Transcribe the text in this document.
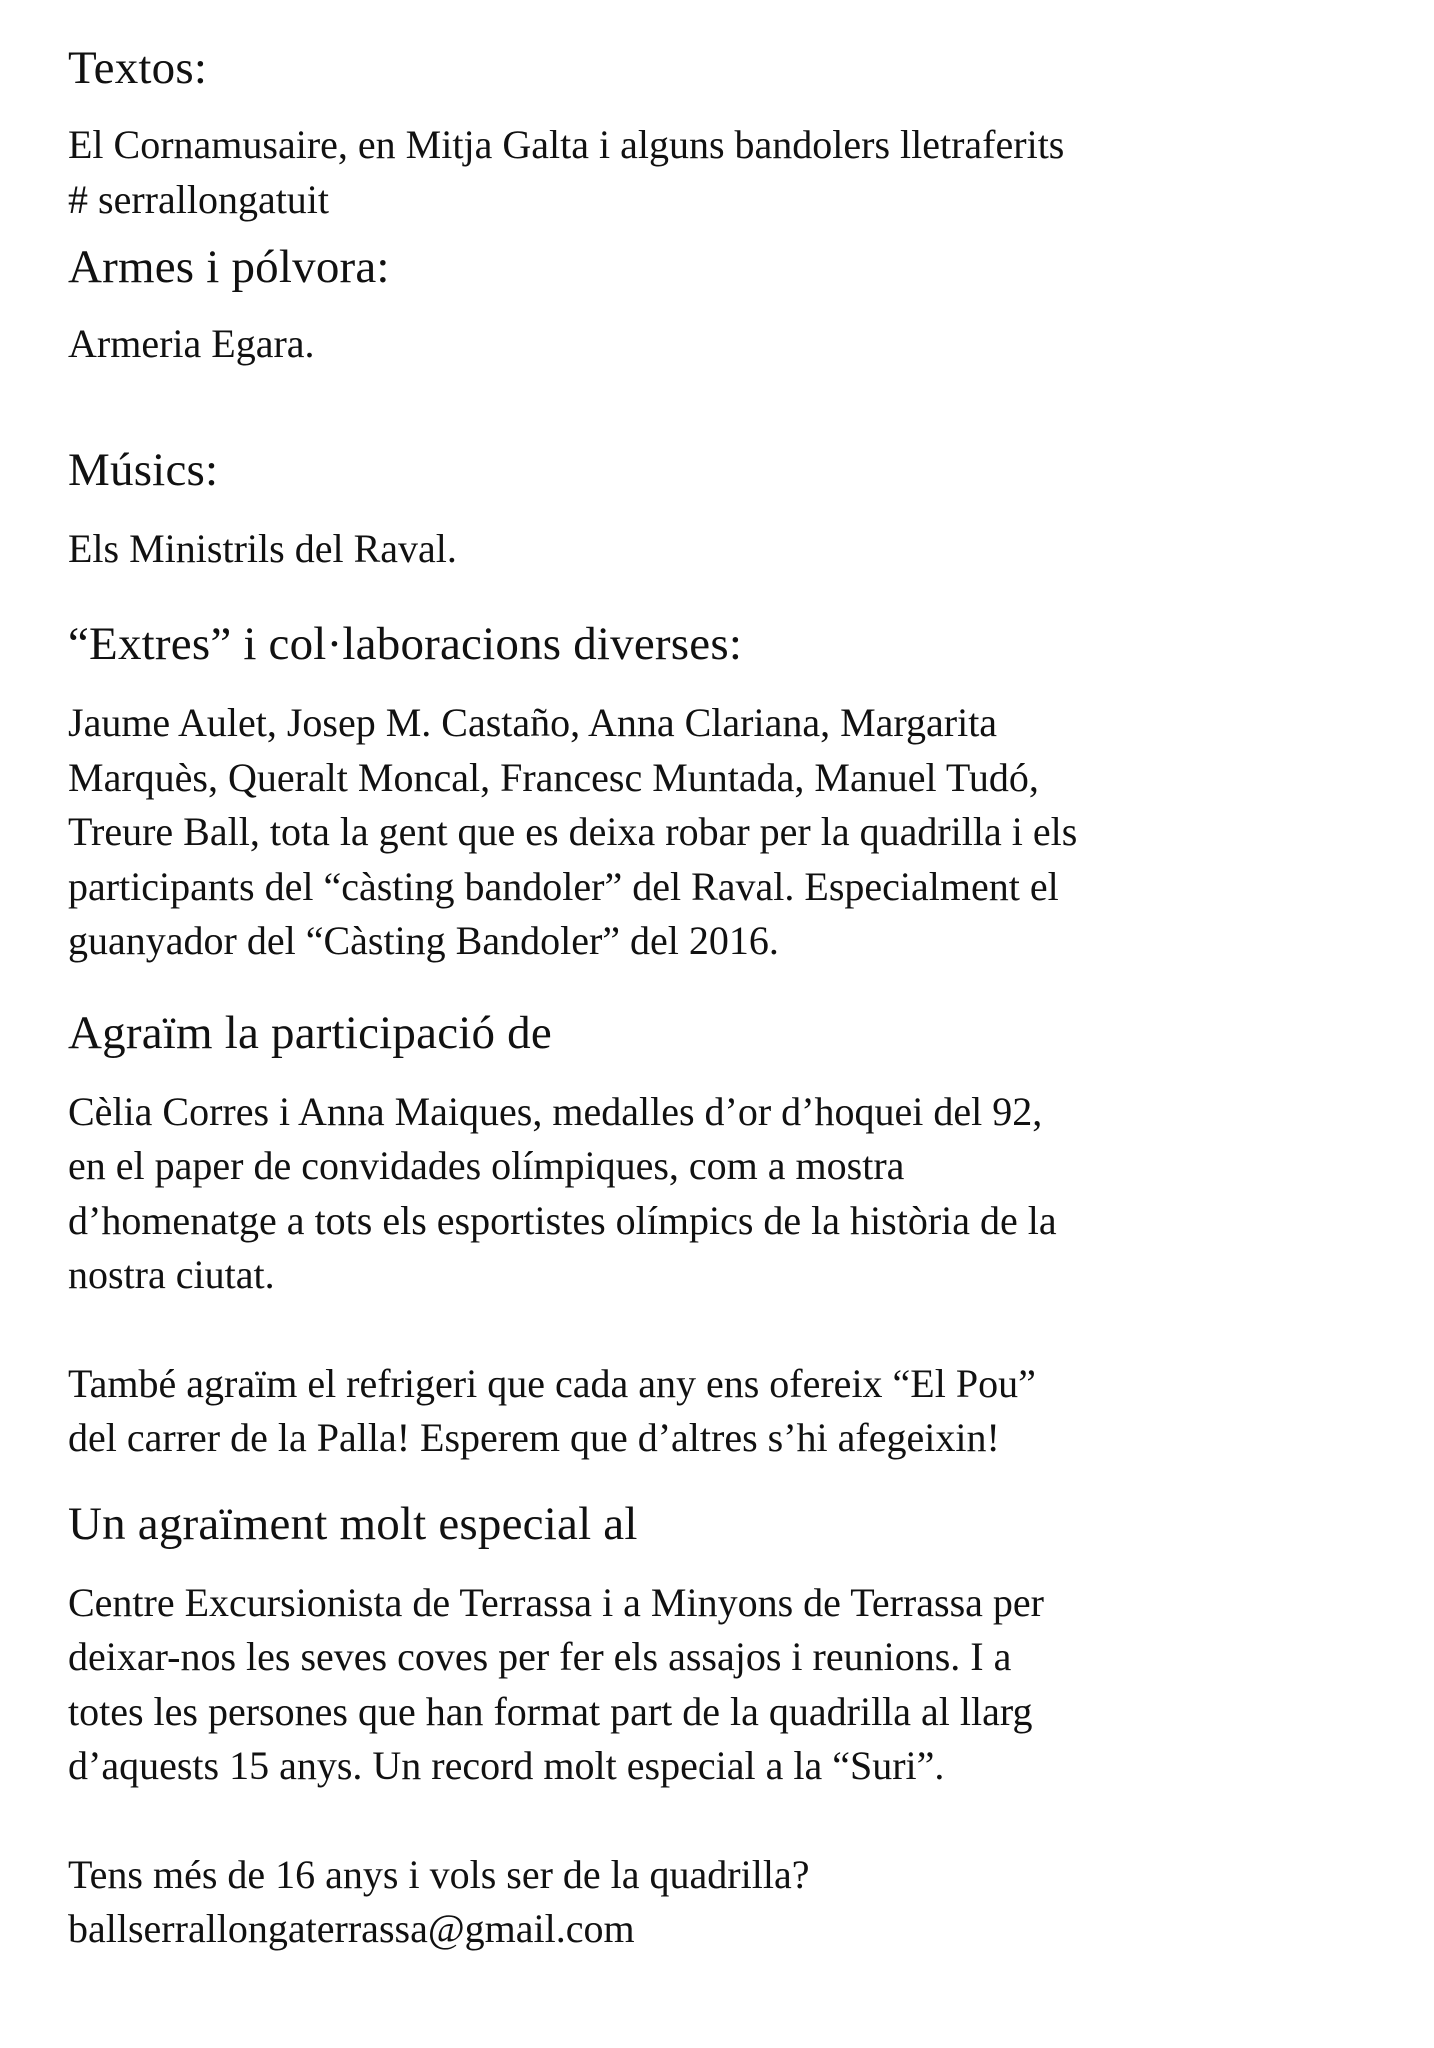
Textos:

El Cornamusaire, en Mitja Galta i alguns bandolers lletraferits
# serrallongatuit

Armes i pólvora:

Armeria Egara.

Músics:

Els Ministrils del Raval.

“Extres” i col·laboracions diverses:

Jaume Aulet, Josep M. Castaño, Anna Clariana, Margarita
Marquès, Queralt Moncal, Francesc Muntada, Manuel Tudó,
Treure Ball, tota la gent que es deixa robar per la quadrilla i els
participants del “càsting bandoler” del Raval. Especialment el
guanyador del “Càsting Bandoler” del 2016.

Agraïm la participació de

Cèlia Corres i Anna Maiques, medalles d’or d’hoquei del 92,
en el paper de convidades olímpiques, com a mostra
d’homenatge a tots els esportistes olímpics de la història de la
nostra ciutat.

També agraïm el refrigeri que cada any ens ofereix “El Pou”
del carrer de la Palla! Esperem que d’altres s’hi afegeixin!

Un agraïment molt especial al

Centre Excursionista de Terrassa i a Minyons de Terrassa per
deixar-nos les seves coves per fer els assajos i reunions. I a
totes les persones que han format part de la quadrilla al llarg
d’aquests 15 anys. Un record molt especial a la “Suri”.

Tens més de 16 anys i vols ser de la quadrilla?
ballserrallongaterrassa@gmail.com
